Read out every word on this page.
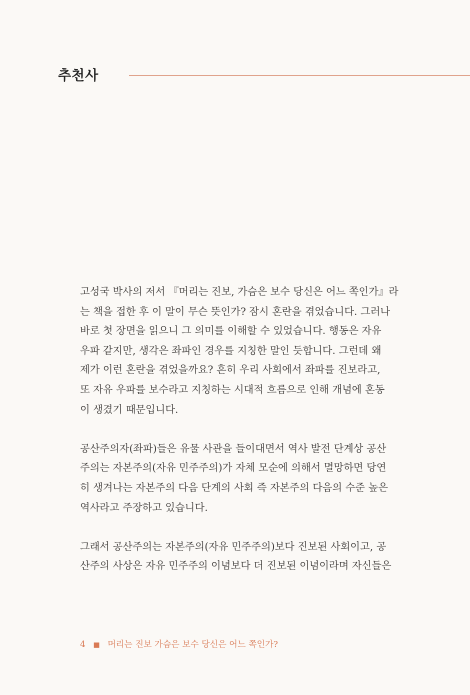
추천사

고성국 박사의 저서 『머리는 진보, 가슴은 보수 당신은 어느 쪽인가』라
는 책을 접한 후 이 말이 무슨 뜻인가? 잠시 혼란을 겪었습니다. 그러나
바로 첫 장면을 읽으니 그 의미를 이해할 수 있었습니다. 행동은 자유
우파 같지만, 생각은 좌파인 경우를 지칭한 말인 듯합니다. 그런데 왜
제가 이런 혼란을 겪었을까요? 흔히 우리 사회에서 좌파를 진보라고,
또 자유 우파를 보수라고 지칭하는 시대적 흐름으로 인해 개념에 혼동
이 생겼기 때문입니다.

공산주의자(좌파)들은 유물 사관을 들이대면서 역사 발전 단계상 공산
주의는 자본주의(자유 민주주의)가 자체 모순에 의해서 멸망하면 당연
히 생겨나는 자본주의 다음 단계의 사회 즉 자본주의 다음의 수준 높은
역사라고 주장하고 있습니다.

그래서 공산주의는 자본주의(자유 민주주의)보다 진보된 사회이고, 공
산주의 사상은 자유 민주주의 이념보다 더 진보된 이념이라며 자신들은

4 ■ 머리는 진보 가슴은 보수 당신은 어느 쪽인가?
